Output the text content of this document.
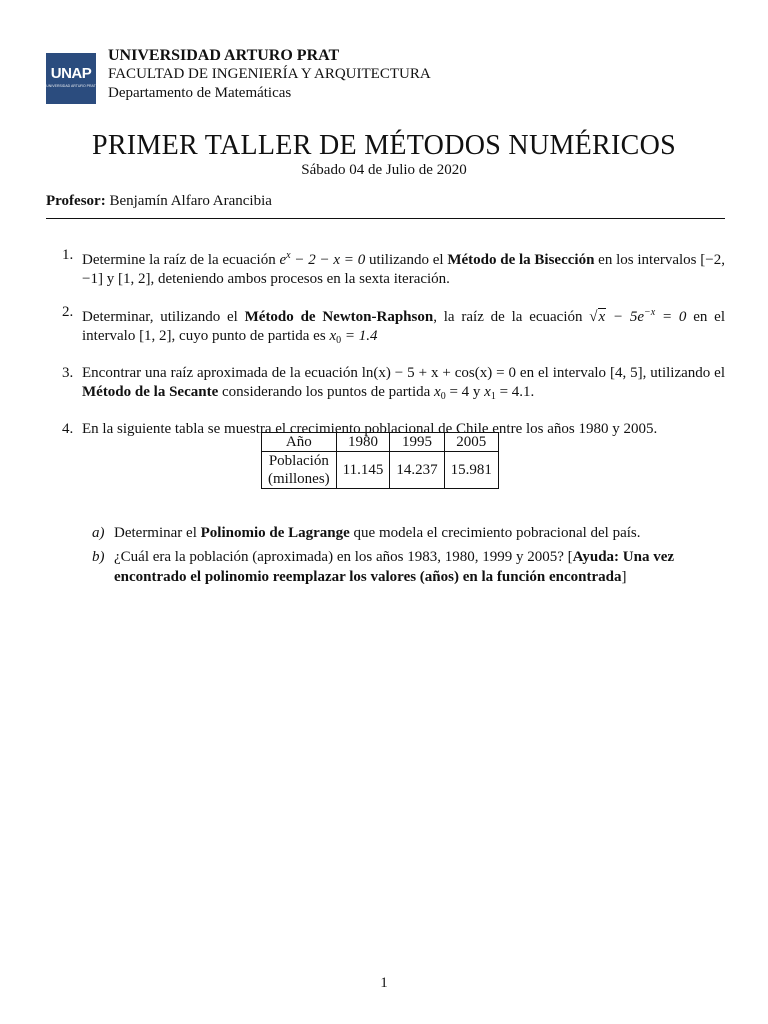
UNAP
UNIVERSIDAD ARTURO PRAT
UNIVERSIDAD ARTURO PRAT
FACULTAD DE INGENIERÍA Y ARQUITECTURA
Departamento de Matemáticas
PRIMER TALLER DE MÉTODOS NUMÉRICOS
Sábado 04 de Julio de 2020
Profesor: Benjamín Alfaro Arancibia
1. Determine la raíz de la ecuación $e^x - 2 - x = 0$ utilizando el Método de la Bisección en los intervalos [−2, −1] y [1, 2], deteniendo ambos procesos en la sexta iteración.
2. Determinar, utilizando el Método de Newton-Raphson, la raíz de la ecuación $√x - 5e^{-x} = 0$ en el intervalo [1, 2], cuyo punto de partida es $x_0 = 1.4$
3. Encontrar una raíz aproximada de la ecuación ln(x) − 5 + x + cos(x) = 0 en el intervalo [4, 5], utilizando el Método de la Secante considerando los puntos de partida $x_0 = 4$ y $x_1 = 4.1$.
4. En la siguiente tabla se muestra el crecimiento poblacional de Chile entre los años 1980 y 2005.
Año	1980	1995	2005

Población
(millones)	11.145	14.237	15.981
a) Determinar el Polinomio de Lagrange que modela el crecimiento pobracional del país.
b) ¿Cuál era la población (aproximada) en los años 1983, 1980, 1999 y 2005? [Ayuda: Una vez encontrado el polinomio reemplazar los valores (años) en la función encontrada]
1
